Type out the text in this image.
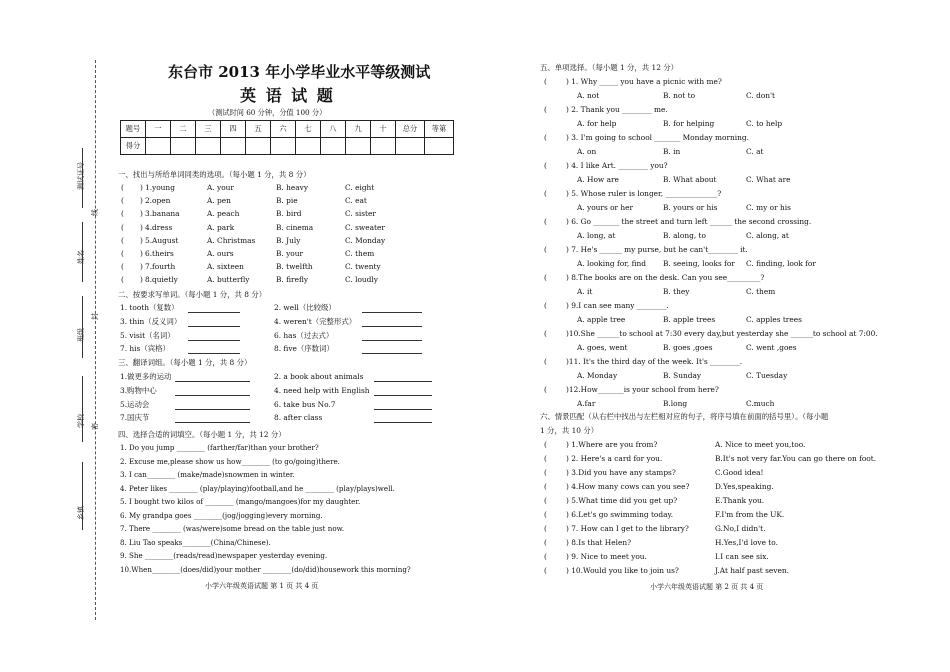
测试证号
姓名
班级
学校
乡镇
线
封
密
东台市 2013 年小学毕业水平等级测试
英 语 试 题
（测试时间 60 分钟，分值 100 分）
题号	一	二	三	四	五	六	七	八	九	十	总分	等第
得分												
一、找出与所给单词同类的选项。（每小题 1 分，共 8 分）
( ) 1.young	A. your	B. heavy	C. eight
( ) 2.open	A. pen	B. pie	C. eat
( ) 3.banana	A. peach	B. bird	C. sister
( ) 4.dress	A. park	B. cinema	C. sweater
( ) 5.August	A. Christmas	B. July	C. Monday
( ) 6.theirs	A. ours	B. your	C. them
( ) 7.fourth	A. sixteen	B. twelfth	C. twenty
( ) 8.quietly	A. butterfly	B. firefly	C. loudly
二、按要求写单词。（每小题 1 分，共 8 分）
1. tooth（复数）	2. well（比较级）
3. thin（反义词）	4. weren't（完整形式）
5. visit（名词）	6. has（过去式）
7. his（宾格）	8. five（序数词）
三、翻译词组。（每小题 1 分，共 8 分）
1.做更多的运动	2. a book about animals
3.购物中心	4. need help with English
5.运动会	6. take bus No.7
7.国庆节	8. after class
四、选择合适的词填空。（每小题 1 分，共 12 分）
1. Do you jump ________ (farther/far)than your brother?
2. Excuse me,please show us how________ (to go/going)there.
3. I can________ (make/made)snowmen in winter.
4. Peter likes ________ (play/playing)football,and he ________ (play/plays)well.
5. I bought two kilos of ________ (mango/mangoes)for my daughter.
6. My grandpa goes ________(jog/jogging)every morning.
7. There ________ (was/were)some bread on the table just now.
8. Liu Tao speaks________(China/Chinese).
9. She ________(reads/read)newspaper yesterday evening.
10.When________(does/did)your mother ________(do/did)housework this morning?
小学六年级英语试题 第 1 页 共 4 页
五、单项选择。（每小题 1 分，共 12 分）
(	) 1. Why _____ you have a picnic with me?
A. not	B. not to	C. don't
(	) 2. Thank you ________ me.
A. for help	B. for helping	C. to help
(	) 3. I'm going to school _______ Monday morning.
A. on	B. in	C. at
(	) 4. I like Art. ________ you?
A. How are	B. What about	C. What are
(	) 5. Whose ruler is longer, ______________?
A. yours or her	B. yours or his	C. my or his
(	) 6. Go _______ the street and turn left ______ the second crossing.
A. long, at	B. along, to	C. along, at
(	) 7. He's ______ my purse, but he can't________ it.
A. looking for, find B. seeing, looks for C. finding, look for
(	) 8.The books are on the desk. Can you see_________?
A. it	B. they	C. them
(	) 9.I can see many ________.
A. apple tree	B. apple trees	C. apples trees
(	)10.She ______to school at 7:30 every day,but yesterday she ______to school at 7:00.
A. goes, went	B. goes ,goes	C. went ,goes
(	)11. It's the third day of the week. It's ________.
A. Monday	B. Sunday	C. Tuesday
(	)12.How_______is your school from here?
A.far	B.long	C.much
六、情景匹配（从右栏中找出与左栏相对应的句子，将序号填在前面的括号里）。（每小题
1 分，共 10 分）
(	) 1.Where are you from?	A. Nice to meet you,too.
(	) 2. Here's a card for you.	B.It's not very far.You can go there on foot.
(	) 3.Did you have any stamps?	C.Good idea!
(	) 4.How many cows can you see?	D.Yes,speaking.
(	) 5.What time did you get up?	E.Thank you.
(	) 6.Let's go swimming today.	F.I'm from the UK.
(	) 7. How can I get to the library?	G.No,I didn't.
(	) 8.Is that Helen?	H.Yes,I'd love to.
(	) 9. Nice to meet you.	I.I can see six.
(	) 10.Would you like to join us?	J.At half past seven.
小学六年级英语试题 第 2 页 共 4 页
